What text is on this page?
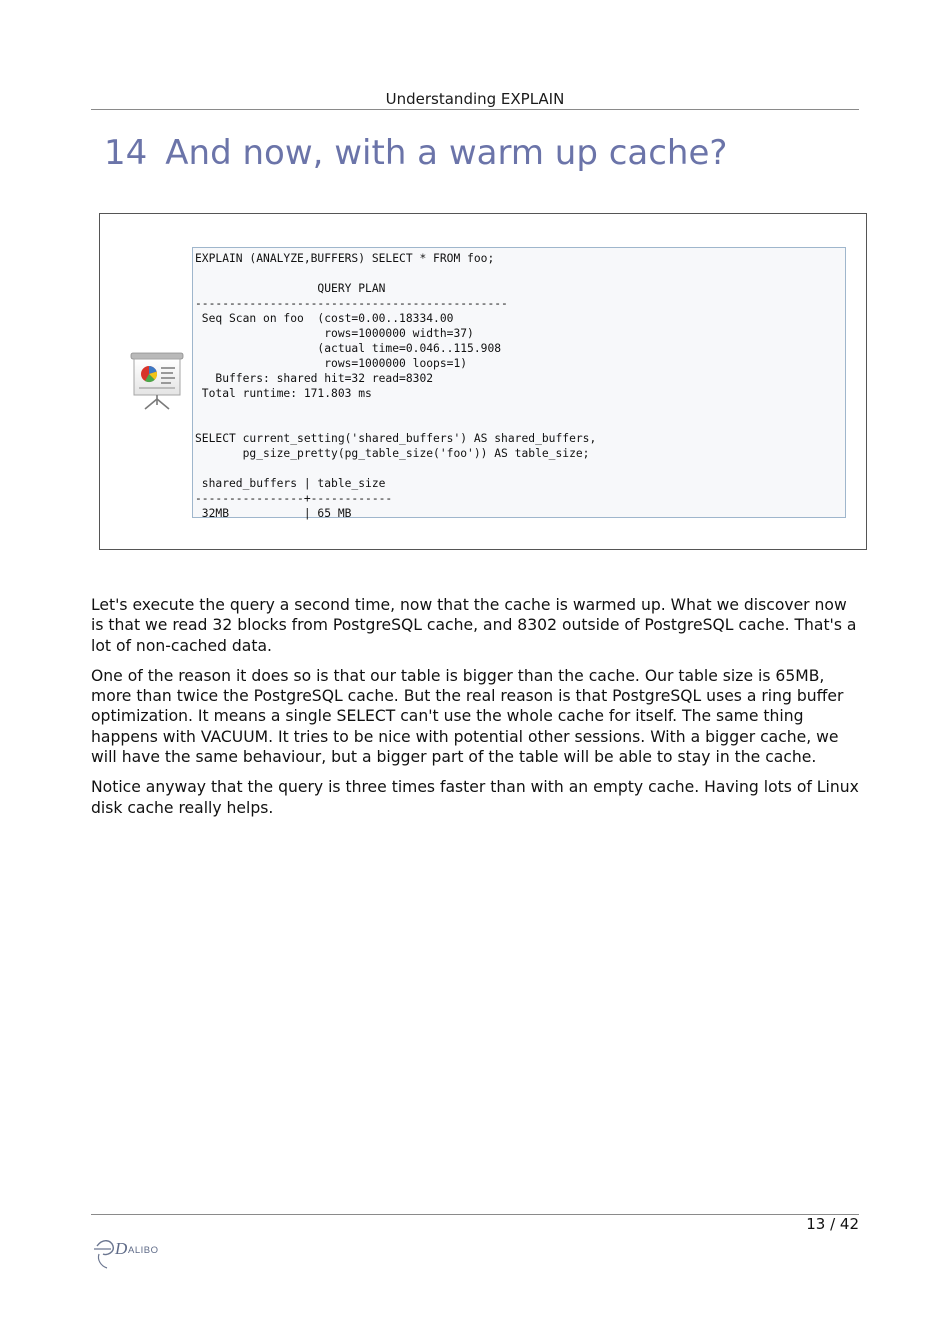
Understanding EXPLAIN
14 And now, with a warm up cache?
EXPLAIN (ANALYZE,BUFFERS) SELECT * FROM foo;

QUERY PLAN
----------------------------------------------
Seq Scan on foo  (cost=0.00..18334.00
rows=1000000 width=37)
(actual time=0.046..115.908
rows=1000000 loops=1)
Buffers: shared hit=32 read=8302
Total runtime: 171.803 ms

SELECT current_setting('shared_buffers') AS shared_buffers,
pg_size_pretty(pg_table_size('foo')) AS table_size;

shared_buffers | table_size
----------------+------------
32MB           | 65 MB

Let's execute the query a second time, now that the cache is warmed up. What we discover now is that we read 32 blocks from PostgreSQL cache, and 8302 outside of PostgreSQL cache. That's a lot of non-cached data.

One of the reason it does so is that our table is bigger than the cache. Our table size is 65MB, more than twice the PostgreSQL cache. But the real reason is that PostgreSQL uses a ring buffer optimization. It means a single SELECT can't use the whole cache for itself. The same thing happens with VACUUM. It tries to be nice with potential other sessions. With a bigger cache, we will have the same behaviour, but a bigger part of the table will be able to stay in the cache.

Notice anyway that the query is three times faster than with an empty cache. Having lots of Linux disk cache really helps.

13 / 42
D ALIBO
